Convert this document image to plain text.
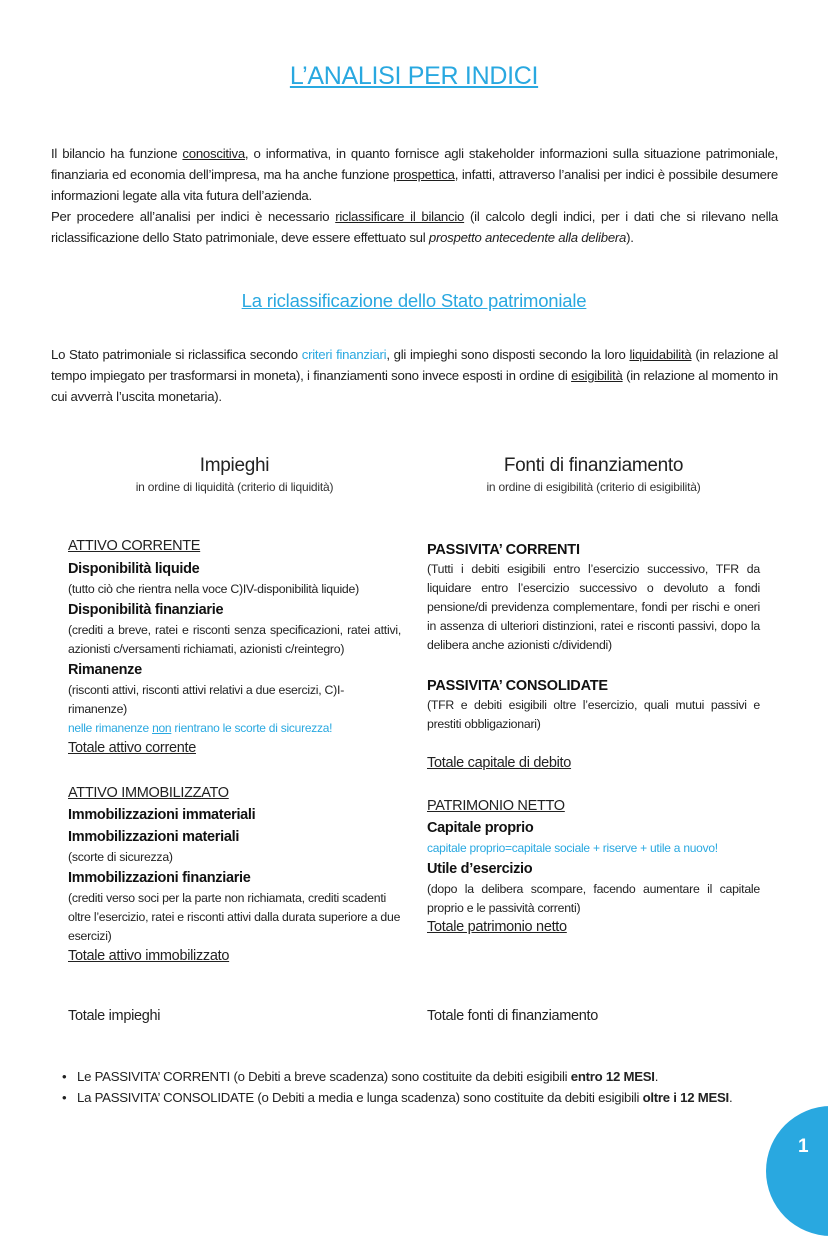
L’ANALISI PER INDICI

Il bilancio ha funzione conoscitiva, o informativa, in quanto fornisce agli stakeholder informazioni sulla situazione patrimoniale, finanziaria ed economia dell’impresa, ma ha anche funzione prospettica, infatti, attraverso l’analisi per indici è possibile desumere informazioni legate alla vita futura dell’azienda.

Per procedere all’analisi per indici è necessario riclassificare il bilancio (il calcolo degli indici, per i dati che si rilevano nella riclassificazione dello Stato patrimoniale, deve essere effettuato sul prospetto antecedente alla delibera).

La riclassificazione dello Stato patrimoniale

Lo Stato patrimoniale si riclassifica secondo criteri finanziari, gli impieghi sono disposti secondo la loro liquidabilità (in relazione al tempo impiegato per trasformarsi in moneta), i finanziamenti sono invece esposti in ordine di esigibilità (in relazione al momento in cui avverrà l’uscita monetaria).

Impieghi
in ordine di liquidità (criterio di liquidità)
Fonti di finanziamento
in ordine di esigibilità (criterio di esigibilità)
ATTIVO CORRENTE
Disponibilità liquide
(tutto ciò che rientra nella voce C)IV-disponibilità liquide)
Disponibilità finanziarie
(crediti a breve, ratei e risconti senza specificazioni, ratei attivi, azionisti c/versamenti richiamati, azionisti c/reintegro)
Rimanenze
(risconti attivi, risconti attivi relativi a due esercizi, C)I-rimanenze)
nelle rimanenze non rientrano le scorte di sicurezza!
Totale attivo corrente
ATTIVO IMMOBILIZZATO
Immobilizzazioni immateriali
Immobilizzazioni materiali
(scorte di sicurezza)
Immobilizzazioni finanziarie
(crediti verso soci per la parte non richiamata, crediti scadenti oltre l’esercizio, ratei e risconti attivi dalla durata superiore a due esercizi)
Totale attivo immobilizzato
PASSIVITA’ CORRENTI
(Tutti i debiti esigibili entro l’esercizio successivo, TFR da liquidare entro l’esercizio successivo o devoluto a fondi pensione/di previdenza complementare, fondi per rischi e oneri in assenza di ulteriori distinzioni, ratei e risconti passivi, dopo la delibera anche azionisti c/dividendi)
PASSIVITA’ CONSOLIDATE
(TFR e debiti esigibili oltre l’esercizio, quali mutui passivi e prestiti obbligazionari)
Totale capitale di debito
PATRIMONIO NETTO
Capitale proprio
capitale proprio=capitale sociale + riserve + utile a nuovo!
Utile d’esercizio
(dopo la delibera scompare, facendo aumentare il capitale proprio e le passività correnti)
Totale patrimonio netto
Totale impieghi	Totale fonti di finanziamento
• Le PASSIVITA’ CORRENTI (o Debiti a breve scadenza) sono costituite da debiti esigibili entro 12 MESI.
• La PASSIVITA’ CONSOLIDATE (o Debiti a media e lunga scadenza) sono costituite da debiti esigibili oltre i 12 MESI.
1
